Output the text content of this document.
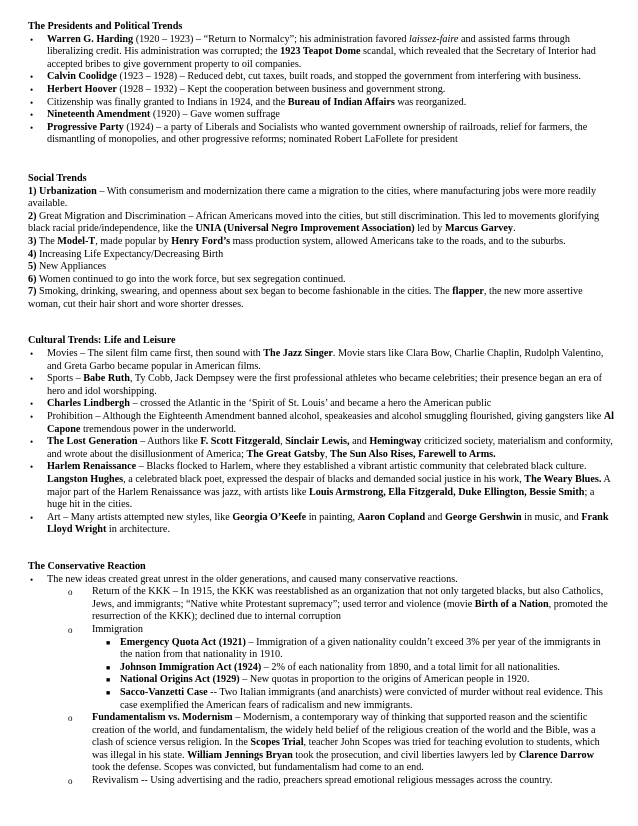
The Presidents and Political Trends

• Warren G. Harding (1920 – 1923) – “Return to Normalcy”; his administration favored laissez-faire and assisted farms through liberalizing credit. His administration was corrupted; the 1923 Teapot Dome scandal, which revealed that the Secretary of Interior had accepted bribes to give government property to oil companies.
• Calvin Coolidge (1923 – 1928) – Reduced debt, cut taxes, built roads, and stopped the government from interfering with business.
• Herbert Hoover (1928 – 1932) – Kept the cooperation between business and government strong.
• Citizenship was finally granted to Indians in 1924, and the Bureau of Indian Affairs was reorganized.
• Nineteenth Amendment (1920) – Gave women suffrage
• Progressive Party (1924) – a party of Liberals and Socialists who wanted government ownership of railroads, relief for farmers, the dismantling of monopolies, and other progressive reforms; nominated Robert LaFollete for president

Social Trends

1) Urbanization – With consumerism and modernization there came a migration to the cities, where manufacturing jobs were more readily available.

2) Great Migration and Discrimination – African Americans moved into the cities, but still discrimination. This led to movements glorifying black racial pride/independence, like the UNIA (Universal Negro Improvement Association) led by Marcus Garvey.

3) The Model-T, made popular by Henry Ford’s mass production system, allowed Americans take to the roads, and to the suburbs.

4) Increasing Life Expectancy/Decreasing Birth

5) New Appliances

6) Women continued to go into the work force, but sex segregation continued.

7) Smoking, drinking, swearing, and openness about sex began to become fashionable in the cities. The flapper, the new more assertive woman, cut their hair short and wore shorter dresses.

Cultural Trends: Life and Leisure

• Movies – The silent film came first, then sound with The Jazz Singer. Movie stars like Clara Bow, Charlie Chaplin, Rudolph Valentino, and Greta Garbo became popular in American films.
• Sports – Babe Ruth, Ty Cobb, Jack Dempsey were the first professional athletes who became celebrities; their presence began an era of hero and idol worshipping.
• Charles Lindbergh – crossed the Atlantic in the ‘Spirit of St. Louis’ and became a hero the American public
• Prohibition – Although the Eighteenth Amendment banned alcohol, speakeasies and alcohol smuggling flourished, giving gangsters like Al Capone tremendous power in the underworld.
• The Lost Generation – Authors like F. Scott Fitzgerald, Sinclair Lewis, and Hemingway criticized society, materialism and conformity, and wrote about the disillusionment of America; The Great Gatsby, The Sun Also Rises, Farewell to Arms.
• Harlem Renaissance – Blacks flocked to Harlem, where they established a vibrant artistic community that celebrated black culture. Langston Hughes, a celebrated black poet, expressed the despair of blacks and demanded social justice in his work, The Weary Blues. A major part of the Harlem Renaissance was jazz, with artists like Louis Armstrong, Ella Fitzgerald, Duke Ellington, Bessie Smith; a huge hit in the cities.
• Art – Many artists attempted new styles, like Georgia O’Keefe in painting, Aaron Copland and George Gershwin in music, and Frank Lloyd Wright in architecture.

The Conservative Reaction

• The new ideas created great unrest in the older generations, and caused many conservative reactions.
o Return of the KKK – In 1915, the KKK was reestablished as an organization that not only targeted blacks, but also Catholics, Jews, and immigrants; “Native white Protestant supremacy”; used terror and violence (movie Birth of a Nation, promoted the resurrection of the KKK); declined due to internal corruption
o Immigration
■ Emergency Quota Act (1921) – Immigration of a given nationality couldn’t exceed 3% per year of the immigrants in the nation from that nationality in 1910.
■ Johnson Immigration Act (1924) – 2% of each nationality from 1890, and a total limit for all nationalities.
■ National Origins Act (1929) – New quotas in proportion to the origins of American people in 1920.
■ Sacco-Vanzetti Case -- Two Italian immigrants (and anarchists) were convicted of murder without real evidence. This case exemplified the American fears of radicalism and new immigrants.
o Fundamentalism vs. Modernism – Modernism, a contemporary way of thinking that supported reason and the scientific creation of the world, and fundamentalism, the widely held belief of the religious creation of the world and the Bible, was a clash of science versus religion. In the Scopes Trial, teacher John Scopes was tried for teaching evolution to students, which was illegal in his state. William Jennings Bryan took the prosecution, and civil liberties lawyers led by Clarence Darrow took the defense. Scopes was convicted, but fundamentalism had come to an end.
o Revivalism -- Using advertising and the radio, preachers spread emotional religious messages across the country.
